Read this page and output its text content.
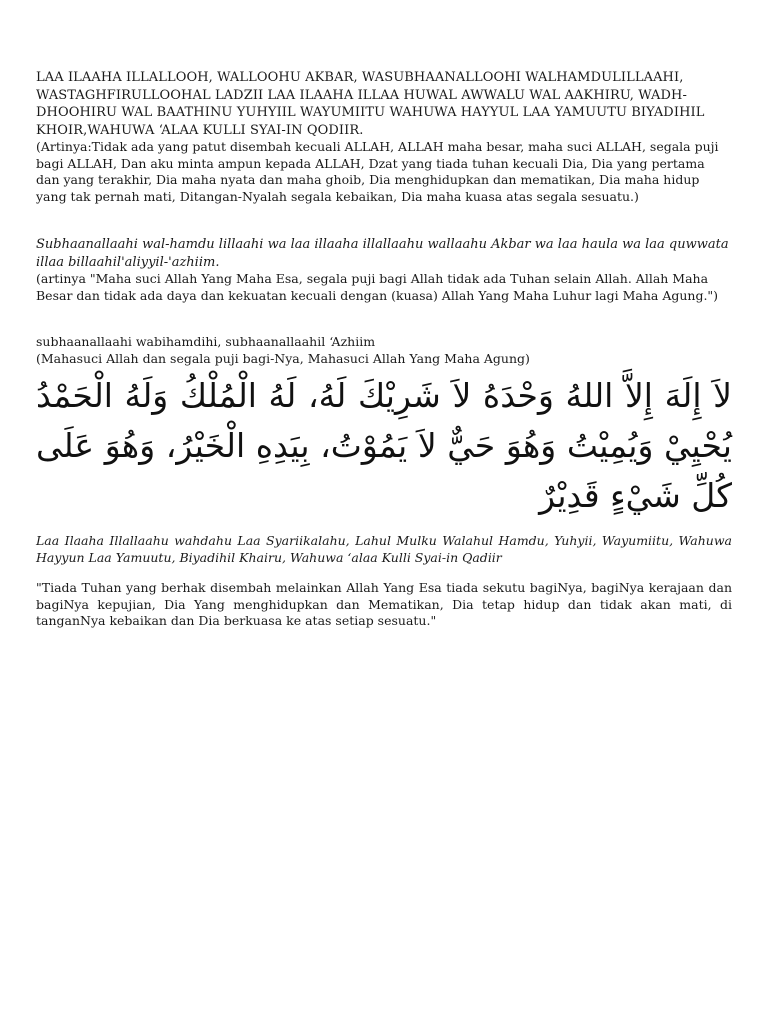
LAA ILAAHA ILLALLOOH, WALLOOHU AKBAR, WASUBHAANALLOOHI WALHAMDULILLAAHI, WASTAGHFIRULLOOHAL LADZII LAA ILAAHA ILLAA HUWAL AWWALU WAL AAKHIRU, WADH-DHOOHIRU WAL BAATHINU YUHYIIL WAYUMIITU WAHUWA HAYYUL LAA YAMUUTU BIYADIHIL KHOIR,WAHUWA ‘ALAA KULLI SYAI-IN QODIIR.

(Artinya:Tidak ada yang patut disembah kecuali ALLAH, ALLAH maha besar, maha suci ALLAH, segala puji bagi ALLAH, Dan aku minta ampun kepada ALLAH, Dzat yang tiada tuhan kecuali Dia, Dia yang pertama dan yang terakhir, Dia maha nyata dan maha ghoib, Dia menghidupkan dan mematikan, Dia maha hidup yang tak pernah mati, Ditangan-Nyalah segala kebaikan, Dia maha kuasa atas segala sesuatu.)

Subhaanallaahi wal-hamdu lillaahi wa laa illaaha illallaahu wallaahu Akbar wa laa haula wa laa quwwata illaa billaahil'aliyyil-'azhiim.

(artinya "Maha suci Allah Yang Maha Esa, segala puji bagi Allah tidak ada Tuhan selain Allah. Allah Maha Besar dan tidak ada daya dan kekuatan kecuali dengan (kuasa) Allah Yang Maha Luhur lagi Maha Agung.")

subhaanallaahi wabihamdihi, subhaanallaahil ‘Azhiim

(Mahasuci Allah dan segala puji bagi-Nya, Mahasuci Allah Yang Maha Agung)

لاَ إِلَهَ إِلاَّ اللهُ وَحْدَهُ لاَ شَرِيْكَ لَهُ، لَهُ الْمُلْكُ وَلَهُ الْحَمْدُ يُحْيِيْ وَيُمِيْتُ وَهُوَ حَيٌّ لاَ يَمُوْتُ، بِيَدِهِ الْخَيْرُ، وَهُوَ عَلَى كُلِّ شَيْءٍ قَدِيْرٌ

Laa Ilaaha Illallaahu wahdahu Laa Syariikalahu, Lahul Mulku Walahul Hamdu, Yuhyii, Wayumiitu, Wahuwa Hayyun Laa Yamuutu, Biyadihil Khairu, Wahuwa ‘alaa Kulli Syai-in Qadiir

"Tiada Tuhan yang berhak disembah melainkan Allah Yang Esa tiada sekutu bagiNya, bagiNya kerajaan dan bagiNya kepujian, Dia Yang menghidupkan dan Mematikan, Dia tetap hidup dan tidak akan mati, di tanganNya kebaikan dan Dia berkuasa ke atas setiap sesuatu."
